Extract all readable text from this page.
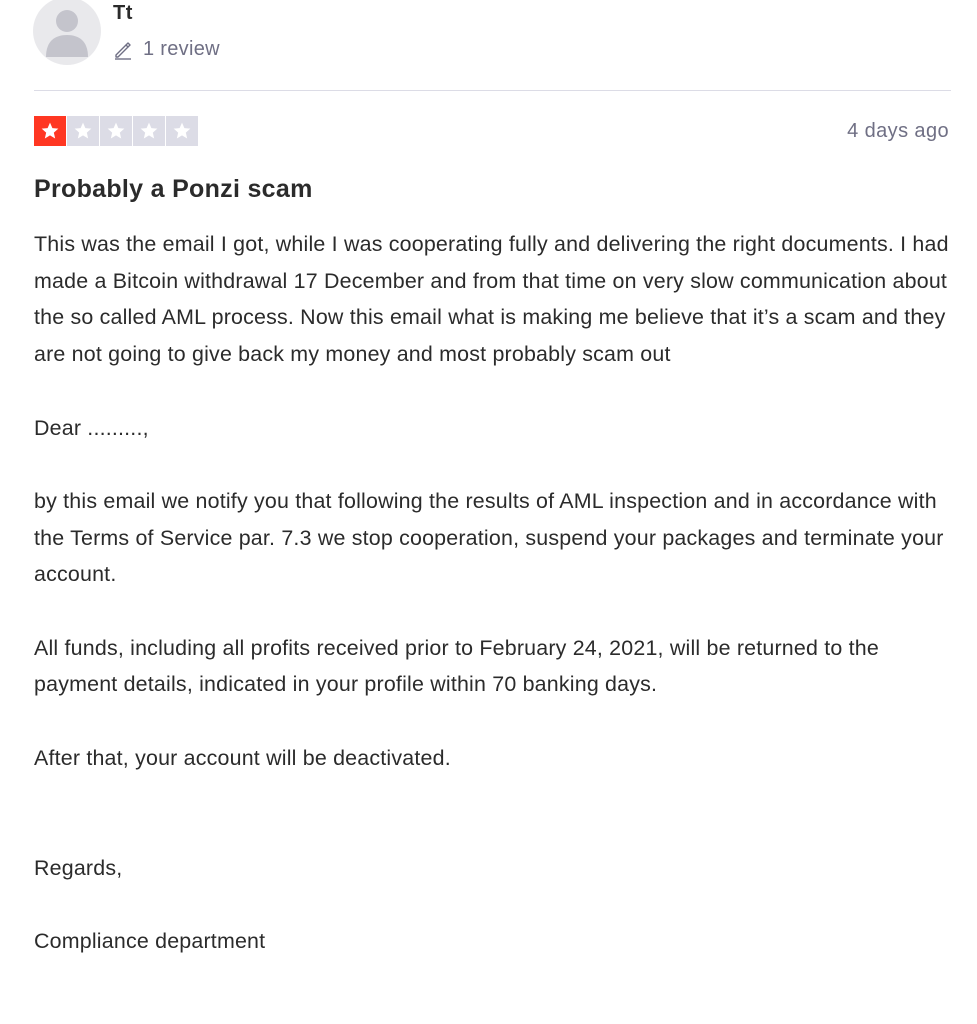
Tt
1 review
4 days ago
Probably a Ponzi scam

This was the email I got, while I was cooperating fully and delivering the right documents. I had made a Bitcoin withdrawal 17 December and from that time on very slow communication about the so called AML process. Now this email what is making me believe that it’s a scam and they are not going to give back my money and most probably scam out

Dear .........,

by this email we notify you that following the results of AML inspection and in accordance with the Terms of Service par. 7.3 we stop cooperation, suspend your packages and terminate your account.

All funds, including all profits received prior to February 24, 2021, will be returned to the payment details, indicated in your profile within 70 banking days.

After that, your account will be deactivated.

Regards,

Compliance department
